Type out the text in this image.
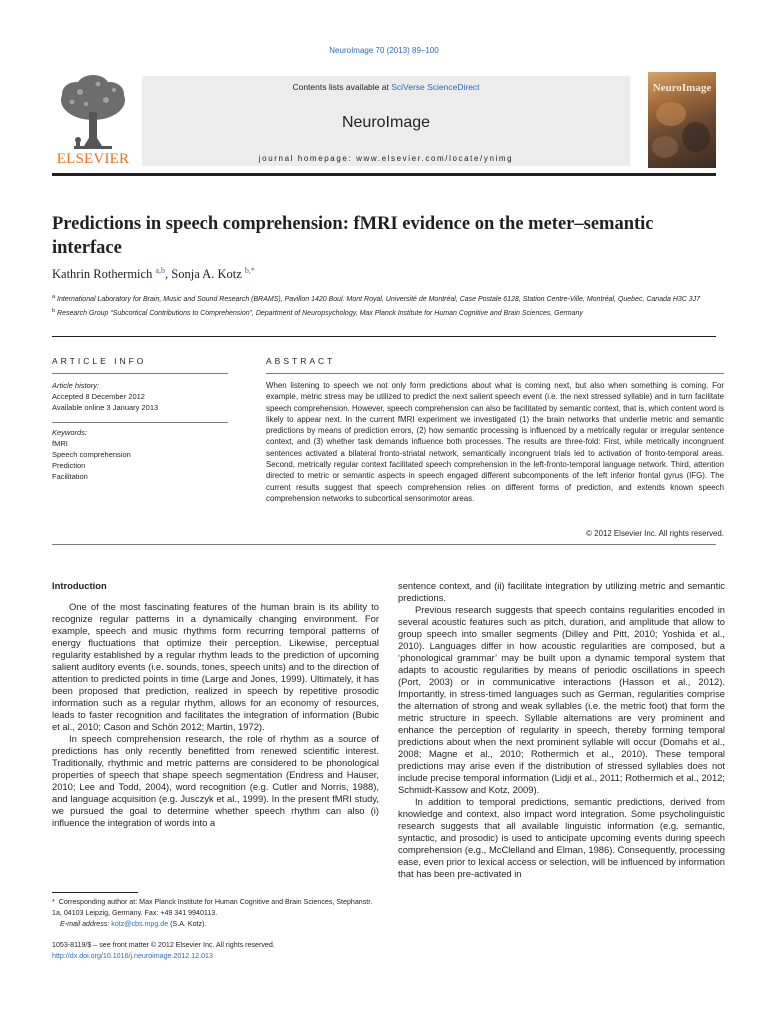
NeuroImage 70 (2013) 89–100
ELSEVIER
Contents lists available at SciVerse ScienceDirect
NeuroImage
journal homepage: www.elsevier.com/locate/ynimg
NeuroImage
Predictions in speech comprehension: fMRI evidence on the meter–semantic interface
Kathrin Rothermich $^{a,b}$, Sonja A. Kotz $^{b,*}$
$^a$ International Laboratory for Brain, Music and Sound Research (BRAMS), Pavillon 1420 Boul. Mont Royal, Université de Montréal, Case Postale 6128, Station Centre-Ville, Montréal, Quebec, Canada H3C 3J7
$^b$ Research Group “Subcortical Contributions to Comprehension”, Department of Neuropsychology, Max Planck Institute for Human Cognitive and Brain Sciences, Germany
ARTICLE INFO	ABSTRACT
Article history:
Accepted 8 December 2012
Available online 3 January 2013
Keywords:
fMRI
Speech comprehension
Prediction
Facilitation
When listening to speech we not only form predictions about what is coming next, but also when something is coming. For example, metric stress may be utilized to predict the next salient speech event (i.e. the next stressed syllable) and in turn facilitate speech comprehension. However, speech comprehension can also be facilitated by semantic context, that is, which content word is likely to appear next. In the current fMRI experiment we investigated (1) the brain networks that underlie metric and semantic predictions by means of prediction errors, (2) how semantic processing is influenced by a metrically regular or irregular sentence context, and (3) whether task demands influence both processes. The results are three-fold: First, while metrically incongruent sentences activated a bilateral fronto-striatal network, semantically incongruent trials led to activation of fronto-temporal areas. Second, metrically regular context facilitated speech comprehension in the left-fronto-temporal language network. Third, attention directed to metric or semantic aspects in speech engaged different subcomponents of the left inferior frontal gyrus (IFG). The current results suggest that speech comprehension relies on different forms of prediction, and extends known speech comprehension networks to subcortical sensorimotor areas.
© 2012 Elsevier Inc. All rights reserved.
Introduction

One of the most fascinating features of the human brain is its ability to recognize regular patterns in a dynamically changing environment. For example, speech and music rhythms form recurring temporal patterns of energy fluctuations that optimize their perception. Likewise, perceptual regularity established by a regular rhythm leads to the prediction of upcoming salient auditory events (i.e. sounds, tones, speech units) and to the direction of attention to predicted points in time (Large and Jones, 1999). Ultimately, it has been proposed that prediction, realized in speech by repetitive prosodic information such as a regular rhythm, allows for an economy of resources, leads to faster recognition and facilitates the integration of information (Bubic et al., 2010; Cason and Schön 2012; Martin, 1972).

In speech comprehension research, the role of rhythm as a source of predictions has only recently benefitted from renewed scientific interest. Traditionally, rhythmic and metric patterns are considered to be phonological properties of speech that shape speech segmentation (Endress and Hauser, 2010; Lee and Todd, 2004), word recognition (e.g. Cutler and Norris, 1988), and language acquisition (e.g. Jusczyk et al., 1999). In the present fMRI study, we pursued the goal to determine whether speech rhythm can also (i) influence the integration of words into a

sentence context, and (ii) facilitate integration by utilizing metric and semantic predictions.

Previous research suggests that speech contains regularities encoded in several acoustic features such as pitch, duration, and amplitude that allow to group speech into smaller segments (Dilley and Pitt, 2010; Yoshida et al., 2010). Languages differ in how acoustic regularities are composed, but a ‘phonological grammar’ may be built upon a dynamic temporal system that adapts to acoustic regularities by means of periodic oscillations in speech (Port, 2003) or in communicative interactions (Hasson et al., 2012). Importantly, in stress-timed languages such as German, regularities comprise the alternation of strong and weak syllables (i.e. the metric foot) that form the metric structure in speech. Syllable alternations are very prominent and enhance the perception of regularity in speech, thereby forming temporal predictions about when the next prominent syllable will occur (Domahs et al., 2008; Magne et al., 2010; Rothermich et al., 2010). These temporal predictions may arise even if the distribution of stressed syllables does not include precise temporal information (Lidji et al., 2011; Rothermich et al., 2012; Schmidt-Kassow and Kotz, 2009).

In addition to temporal predictions, semantic predictions, derived from knowledge and context, also impact word integration. Some psycholinguistic research suggests that all available linguistic information (e.g. semantic, syntactic, and prosodic) is used to anticipate upcoming events during speech comprehension (e.g., McClelland and Elman, 1986). Consequently, processing ease, even prior to lexical access or selection, will be influenced by information that has been pre-activated in

* Corresponding author at: Max Planck Institute for Human Cognitive and Brain Sciences, Stephanstr. 1a, 04103 Leipzig, Germany. Fax: +49 341 9940113.
E-mail address: kotz@cbs.mpg.de (S.A. Kotz).
1053-8119/$ – see front matter © 2012 Elsevier Inc. All rights reserved.
http://dx.doi.org/10.1016/j.neuroimage.2012.12.013
